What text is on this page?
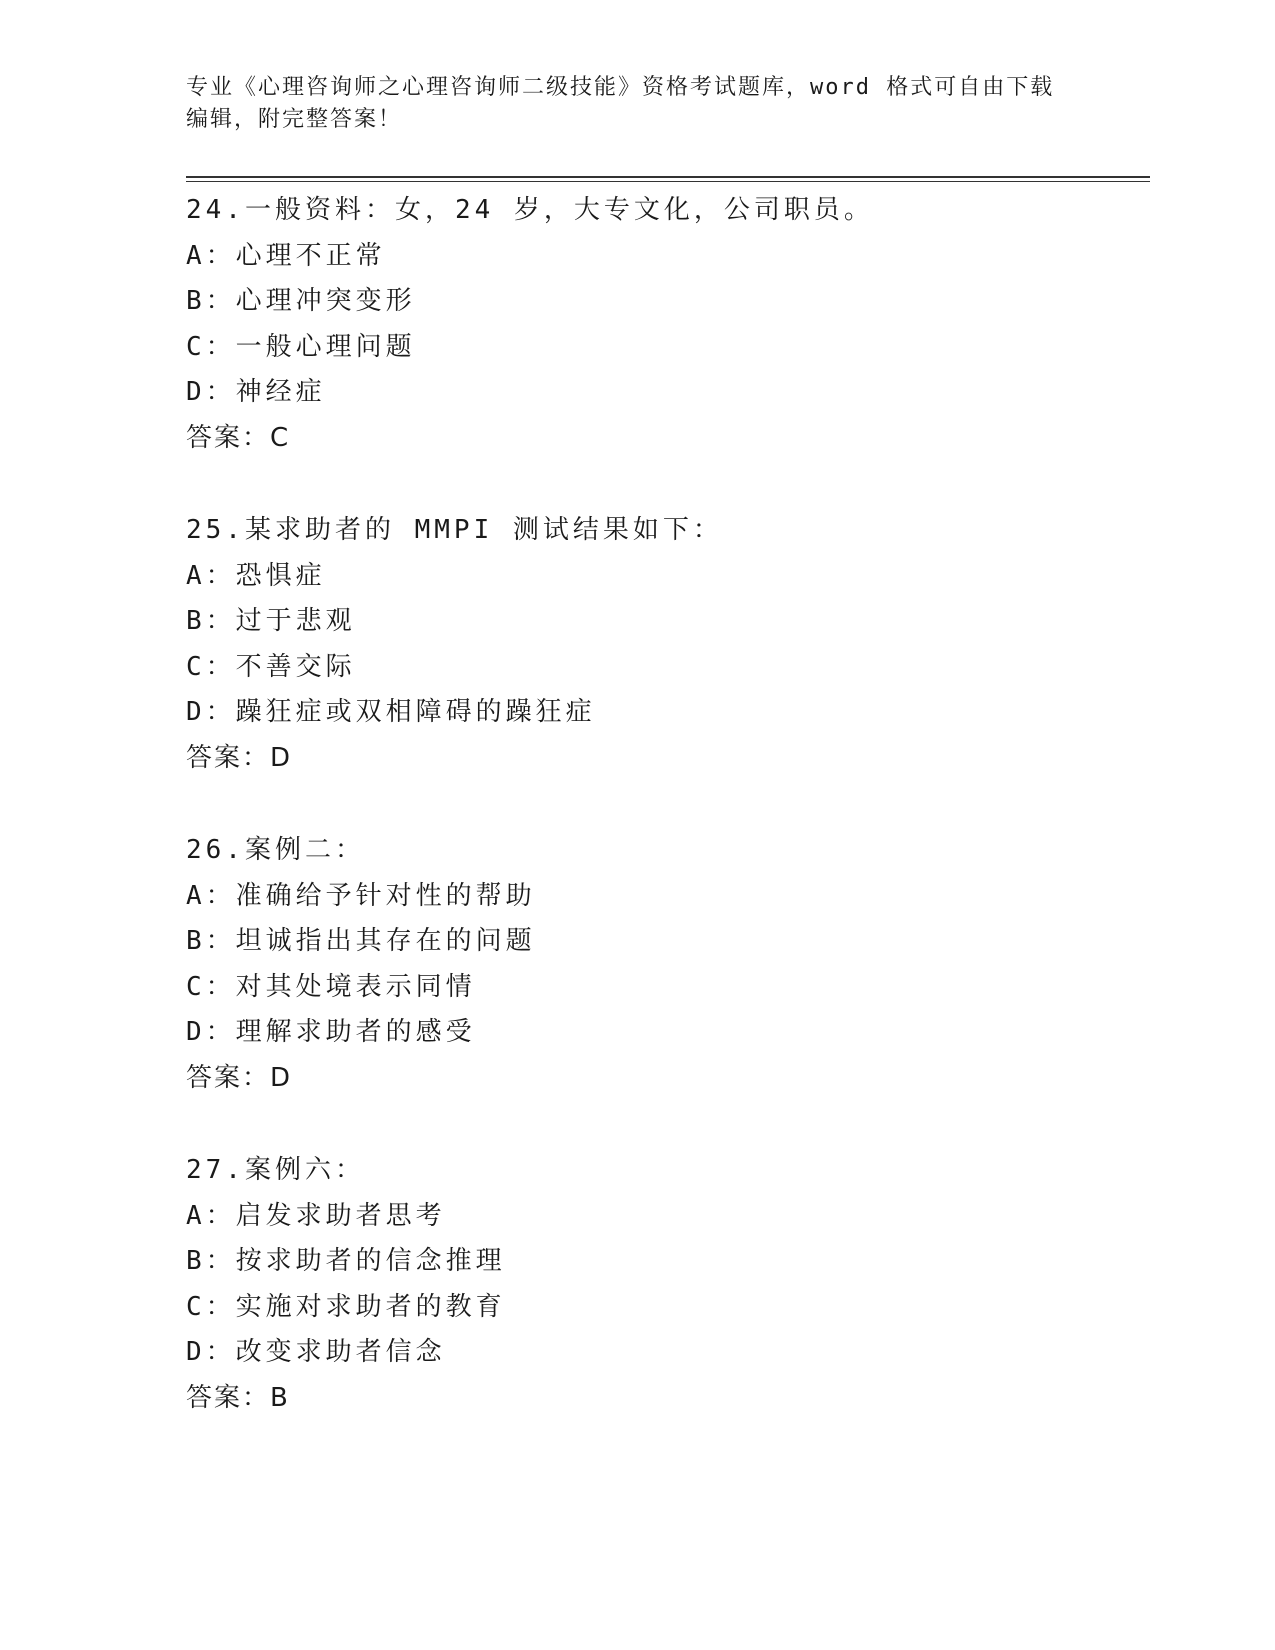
专业《心理咨询师之心理咨询师二级技能》资格考试题库，word 格式可自由下载
编辑，附完整答案！
24.一般资料：女，24 岁，大专文化，公司职员。
A：心理不正常
B：心理冲突变形
C：一般心理问题
D：神经症
答案：C
25.某求助者的 MMPI 测试结果如下：
A：恐惧症
B：过于悲观
C：不善交际
D：躁狂症或双相障碍的躁狂症
答案：D
26.案例二：
A：准确给予针对性的帮助
B：坦诚指出其存在的问题
C：对其处境表示同情
D：理解求助者的感受
答案：D
27.案例六：
A：启发求助者思考
B：按求助者的信念推理
C：实施对求助者的教育
D：改变求助者信念
答案：B
